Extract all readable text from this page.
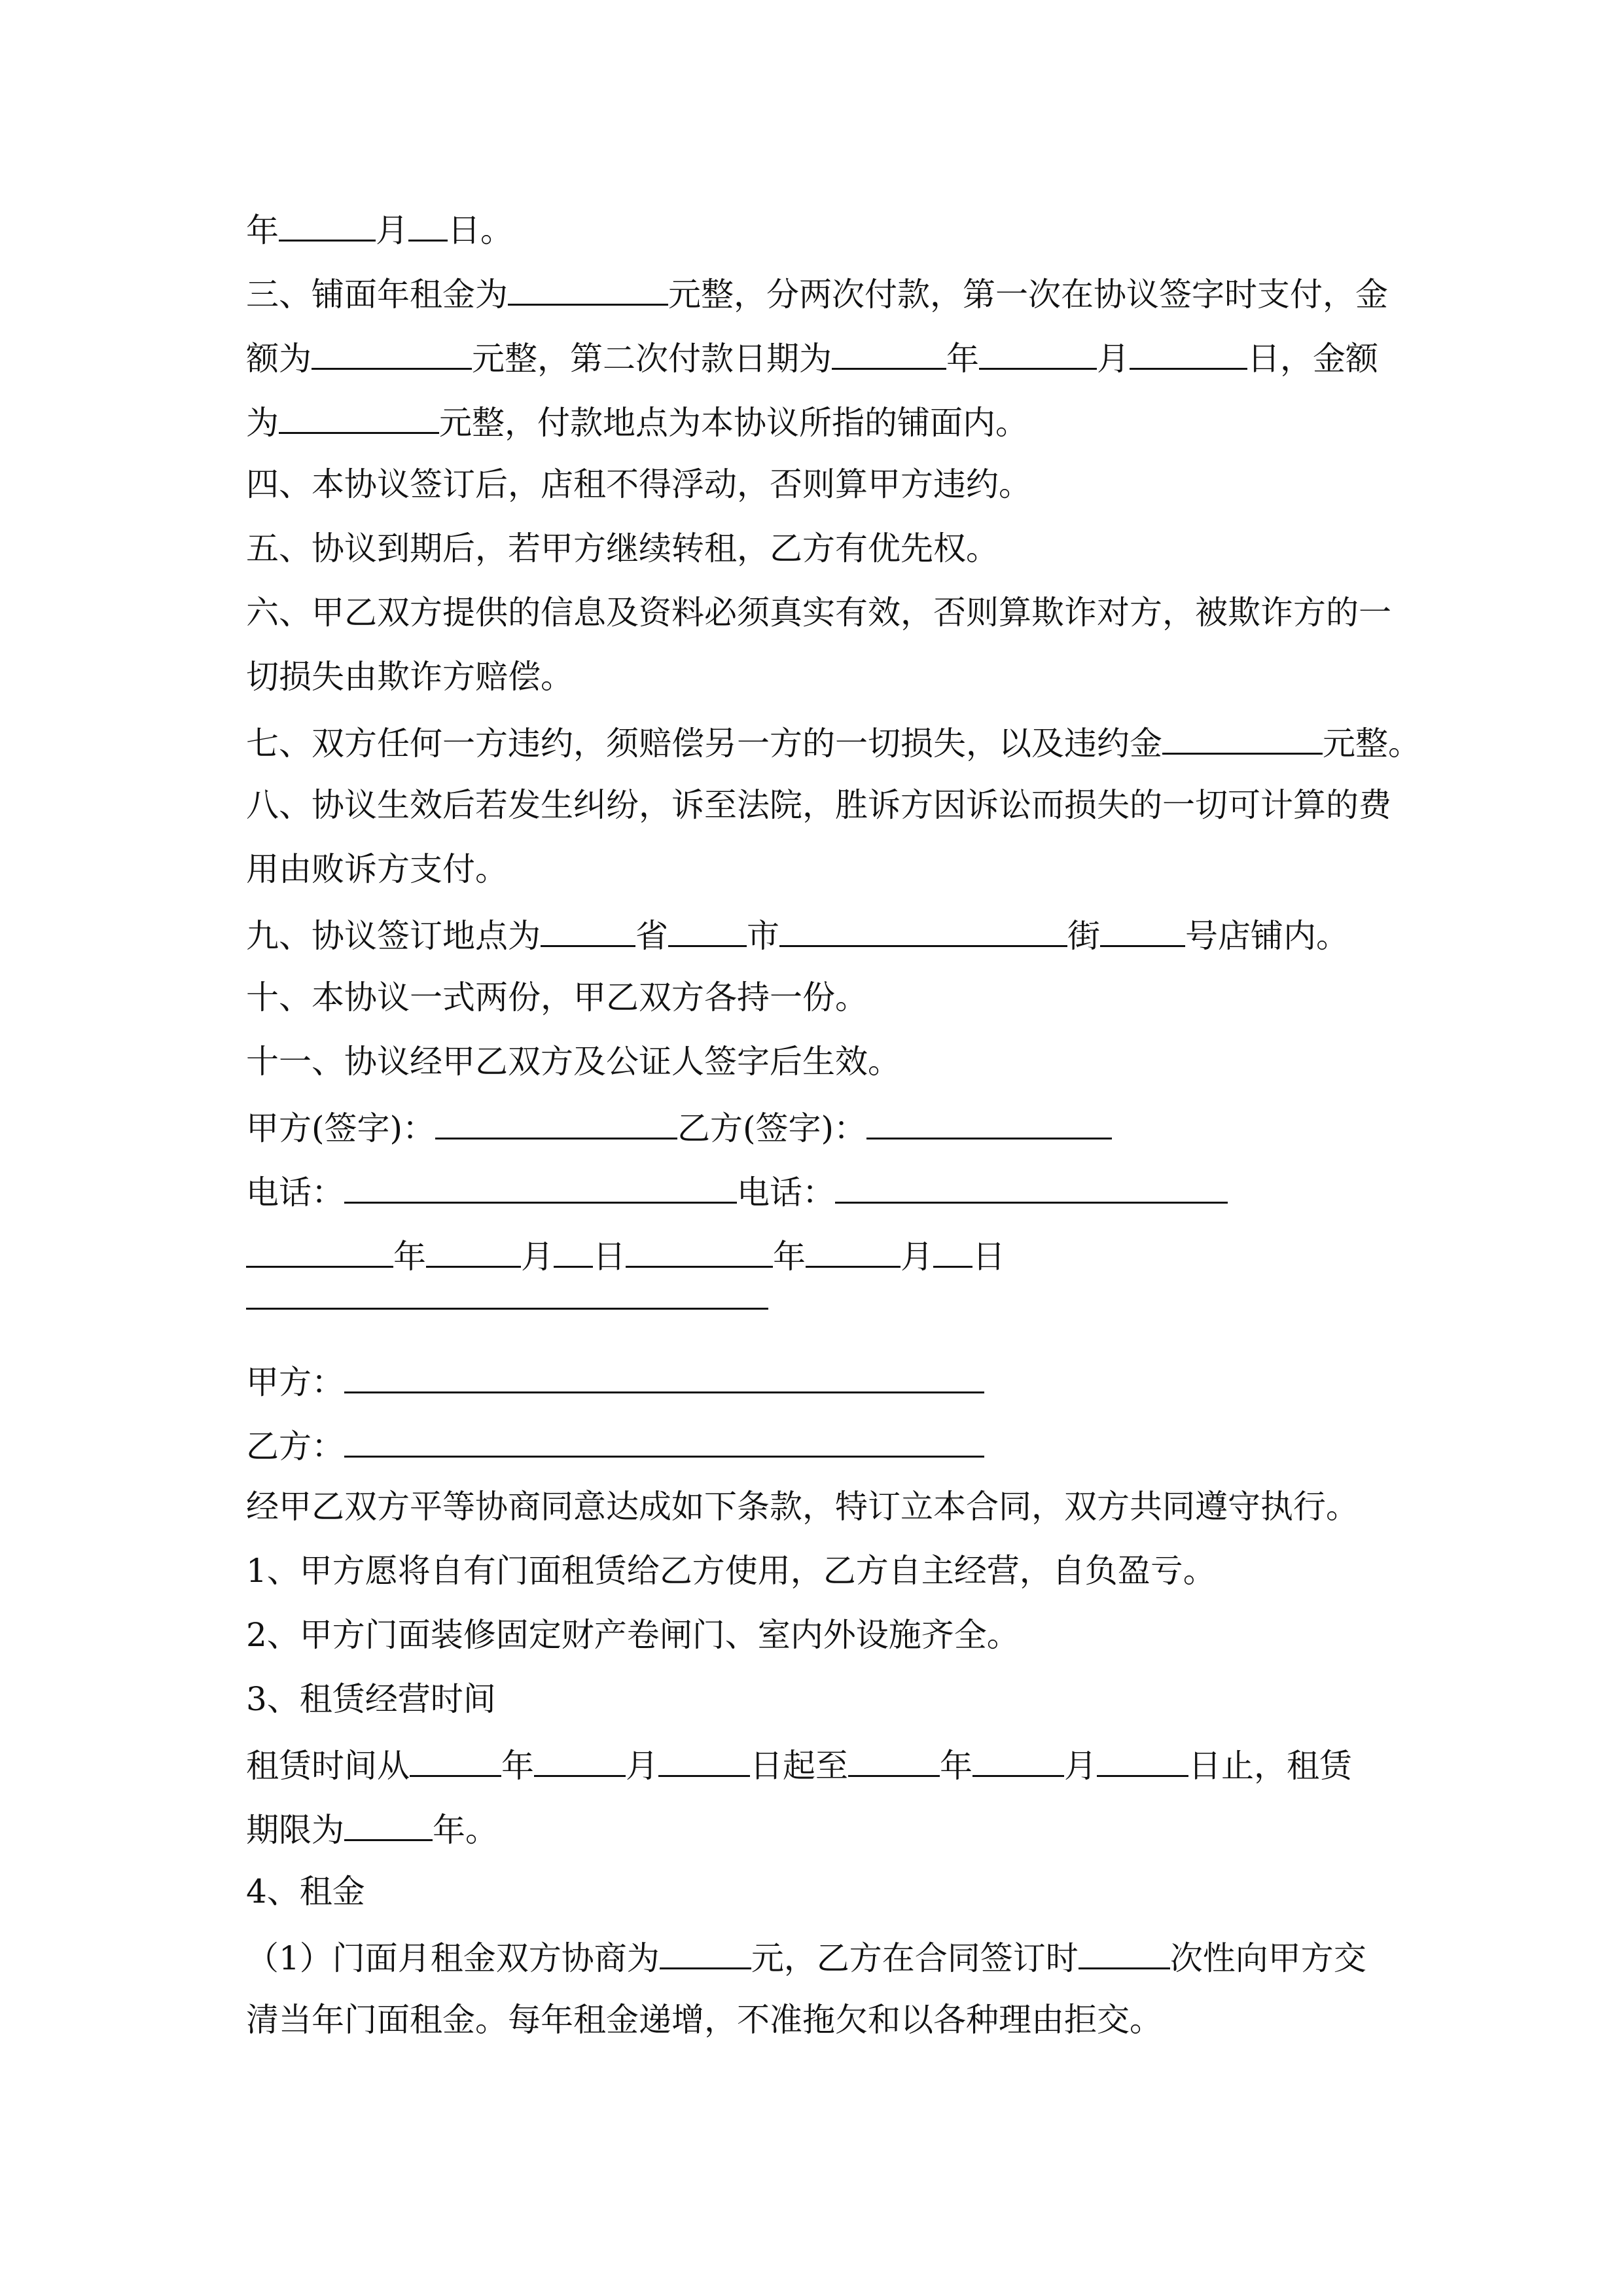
年	月 日。
三、铺面年租金为	元整，分两次付款，第一次在协议签字时支付，金
额为	元整，第二次付款日期为	年	月	日，金额
为	元整，付款地点为本协议所指的铺面内。
四、本协议签订后，店租不得浮动，否则算甲方违约。
五、协议到期后，若甲方继续转租，乙方有优先权。
六、甲乙双方提供的信息及资料必须真实有效，否则算欺诈对方，被欺诈方的一
切损失由欺诈方赔偿。
七、双方任何一方违约，须赔偿另一方的一切损失，以及违约金	元整。
八、协议生效后若发生纠纷，诉至法院，胜诉方因诉讼而损失的一切可计算的费
用由败诉方支付。
九、协议签订地点为	省 市	街	号店铺内。
十、本协议一式两份，甲乙双方各持一份。
十一、协议经甲乙双方及公证人签字后生效。
甲方(签字)：	乙方(签字)：
电话：	电话：
年	月 日	年	月 日
甲方：
乙方：
经甲乙双方平等协商同意达成如下条款，特订立本合同，双方共同遵守执行。
1、甲方愿将自有门面租赁给乙方使用，乙方自主经营，自负盈亏。
2、甲方门面装修固定财产卷闸门、室内外设施齐全。
3、租赁经营时间
租赁时间从	年	月	日起至	年	月	日止，租赁
期限为	年。
4、租金
（1）门面月租金双方协商为	元，乙方在合同签订时	次性向甲方交
清当年门面租金。每年租金递增，不准拖欠和以各种理由拒交。
